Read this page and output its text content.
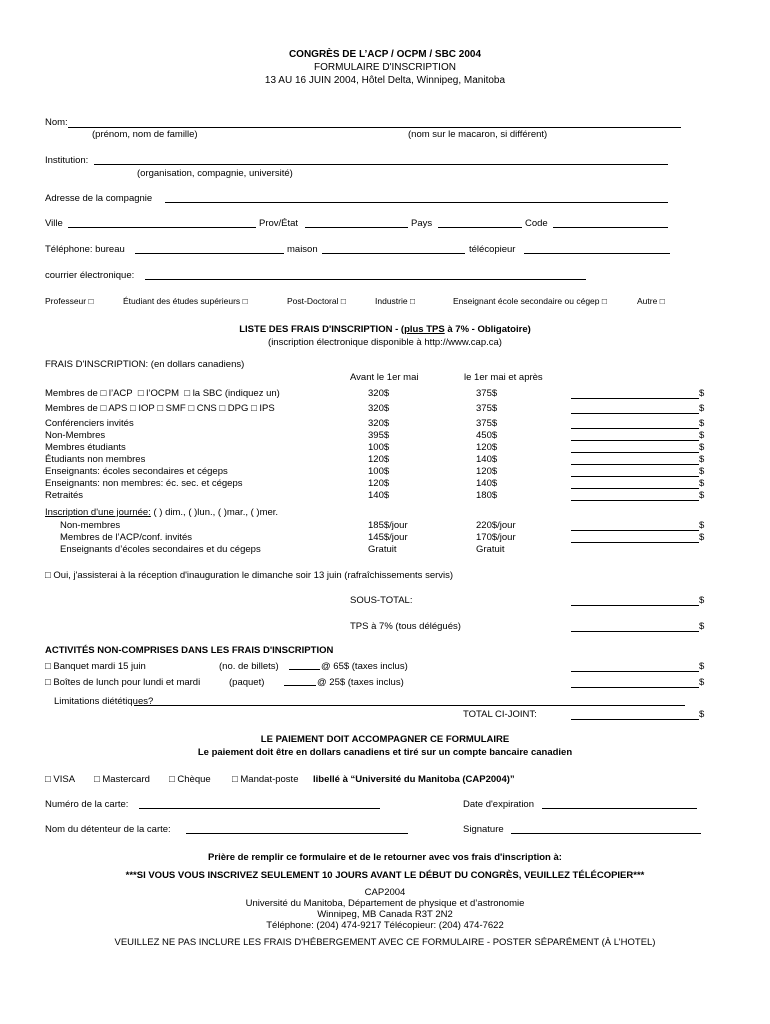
CONGRÈS DE L’ACP / OCPM / SBC 2004
FORMULAIRE D'INSCRIPTION
13 AU 16 JUIN 2004, Hôtel Delta, Winnipeg, Manitoba
Nom:
(prénom, nom de famille)	(nom sur le macaron, si différent)
Institution:
(organisation, compagnie, université)
Adresse de la compagnie
Ville	Prov/État	Pays	Code
Téléphone: bureau	maison	télécopieur
courrier électronique:
Professeur □	Étudiant des études supérieurs □	Post-Doctoral □	Industrie □	Enseignant école secondaire ou cégep □	Autre □
LISTE DES FRAIS D'INSCRIPTION - (plus TPS à 7% - Obligatoire)
(inscription électronique disponible à http://www.cap.ca)
FRAIS D'INSCRIPTION: (en dollars canadiens)
Avant le 1er mai	le 1er mai et après
Membres de □ l’ACP □ l’OCPM □ la SBC (indiquez un)	320$	375$	$
Membres de □ APS □ IOP □ SMF □ CNS □ DPG □ IPS	320$	375$	$
Conférenciers invités	320$	375$	$
Non-Membres	395$	450$	$
Membres étudiants	100$	120$	$
Étudiants non membres	120$	140$	$
Enseignants: écoles secondaires et cégeps	100$	120$	$
Enseignants: non membres: éc. sec. et cégeps	120$	140$	$
Retraités	140$	180$	$
Inscription d'une journée: ( ) dim., ( )lun., ( )mar., ( )mer.
Non-membres	185$/jour	220$/jour	$
Membres de l’ACP/conf. invités	145$/jour	170$/jour	$
Enseignants d’écoles secondaires et du cégeps	Gratuit	Gratuit
□ Oui, j'assisterai à la réception d'inauguration le dimanche soir 13 juin (rafraîchissements servis)
SOUS-TOTAL:	$
TPS à 7% (tous délégués)	$
ACTIVITÉS NON-COMPRISES DANS LES FRAIS D'INSCRIPTION
□ Banquet mardi 15 juin	(no. de billets)	@ 65$ (taxes inclus)	$
□ Boîtes de lunch pour lundi et mardi	(paquet)	@ 25$ (taxes inclus)	$
Limitations diététiques?
TOTAL CI-JOINT:	$
LE PAIEMENT DOIT ACCOMPAGNER CE FORMULAIRE
Le paiement doit être en dollars canadiens et tiré sur un compte bancaire canadien
□ VISA □ Mastercard □ Chèque □ Mandat-poste libellé à “Université du Manitoba (CAP2004)”
Numéro de la carte:	Date d'expiration
Nom du détenteur de la carte:	Signature
Prière de remplir ce formulaire et de le retourner avec vos frais d'inscription à:
***SI VOUS VOUS INSCRIVEZ SEULEMENT 10 JOURS AVANT LE DÉBUT DU CONGRÈS, VEUILLEZ TÉLÉCOPIER***
CAP2004
Université du Manitoba, Département de physique et d’astronomie
Winnipeg, MB Canada R3T 2N2
Téléphone: (204) 474-9217 Télécopieur: (204) 474-7622
VEUILLEZ NE PAS INCLURE LES FRAIS D'HÉBERGEMENT AVEC CE FORMULAIRE - POSTER SÉPARÉMENT (À L’HOTEL)
